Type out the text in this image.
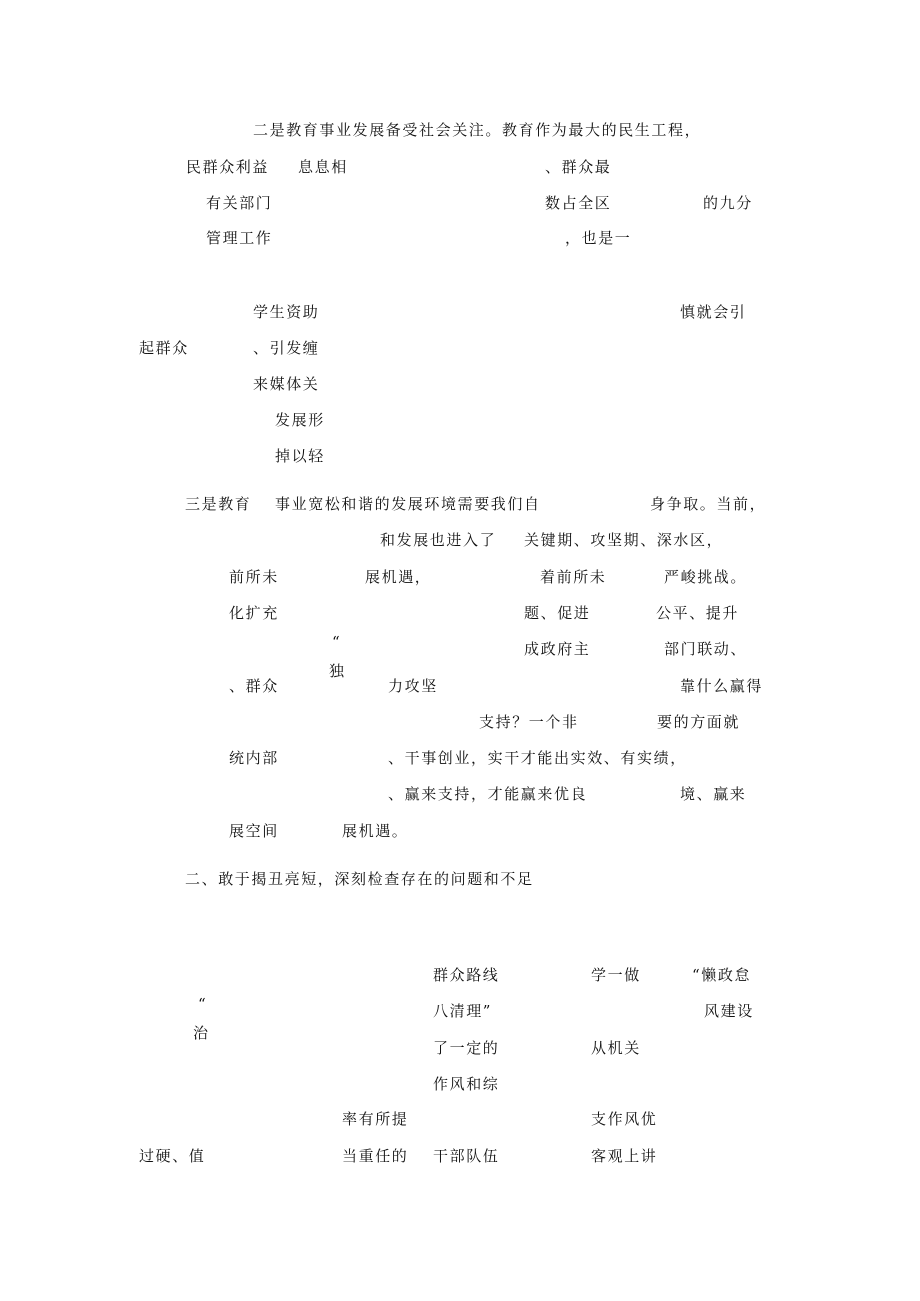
二是教育事业发展备受社会关注。教育作为最大的民生工程，
民群众利益 息息相	、群众最
有关部门	数占全区	的九分
管理工作	，也是一
学生资助	慎就会引
起群众	、引发缠
来媒体关
发展形
掉以轻
三是教育 事业宽松和谐的发展环境需要我们自	身争取。当前，
和发展也进入了 关键期、攻坚期、深水区，
前所未	展机遇，	着前所未	严峻挑战。
化扩充	题、促进	公平、提升
“	成政府主	部门联动、
独
、群众	力攻坚	靠什么赢得
支持？一个非	要的方面就
统内部	、干事创业，实干才能出实效、有实绩，
、赢来支持，才能赢来优良	境、赢来
展空间	展机遇。
二、敢于揭丑亮短，深刻检查存在的问题和不足
群众路线	学一做	“懒政怠
“	八清理”	风建设
治
了一定的	从机关
作风和综
率有所提	支作风优
过硬、值	当重任的 干部队伍	客观上讲
